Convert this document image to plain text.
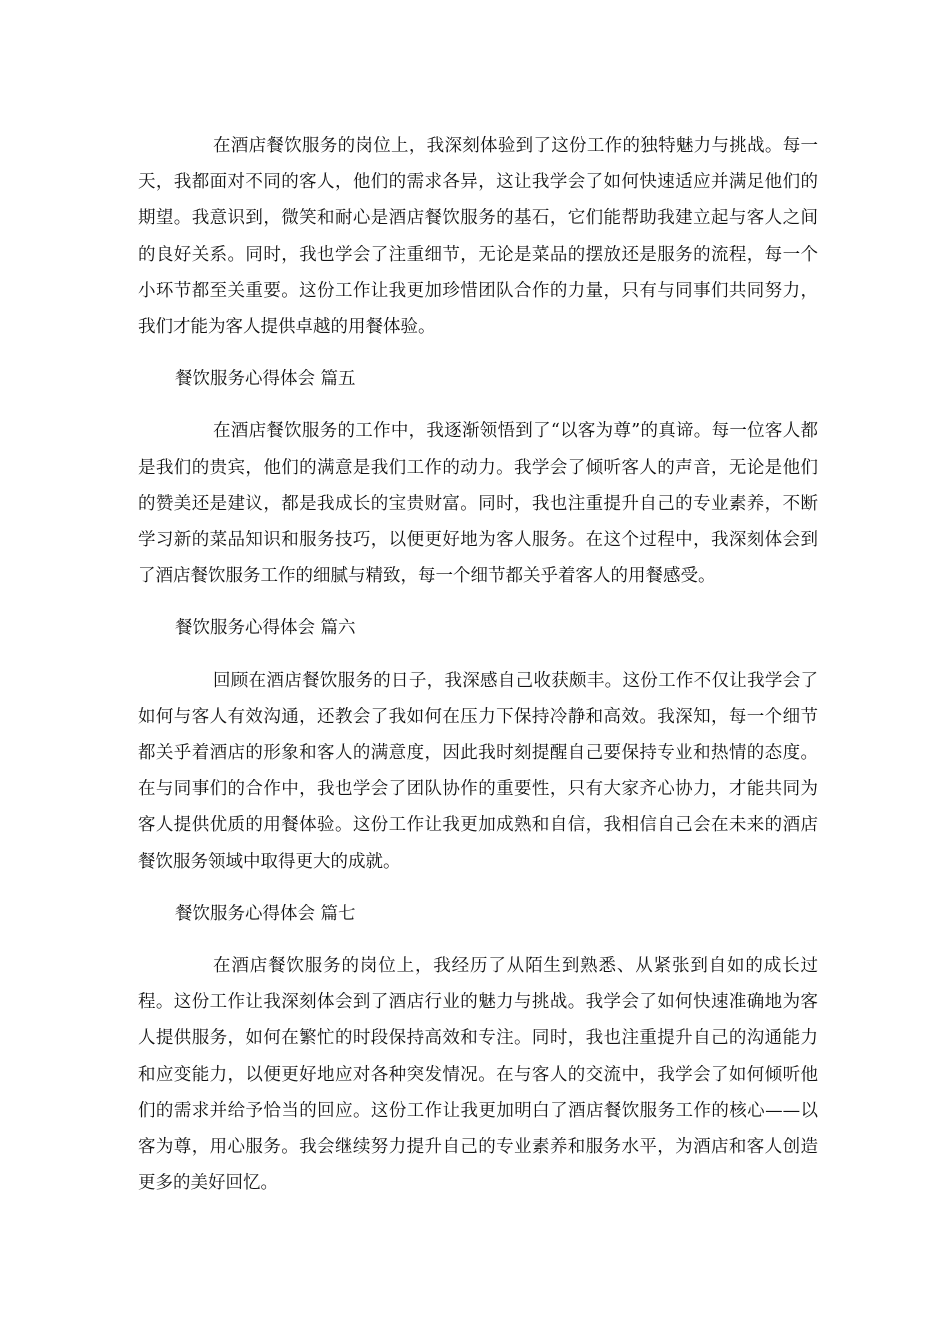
在酒店餐饮服务的岗位上，我深刻体验到了这份工作的独特魅力与挑战。每一天，我都面对不同的客人，他们的需求各异，这让我学会了如何快速适应并满足他们的期望。我意识到，微笑和耐心是酒店餐饮服务的基石，它们能帮助我建立起与客人之间的良好关系。同时，我也学会了注重细节，无论是菜品的摆放还是服务的流程，每一个小环节都至关重要。这份工作让我更加珍惜团队合作的力量，只有与同事们共同努力，我们才能为客人提供卓越的用餐体验。

餐饮服务心得体会 篇五

在酒店餐饮服务的工作中，我逐渐领悟到了“以客为尊”的真谛。每一位客人都是我们的贵宾，他们的满意是我们工作的动力。我学会了倾听客人的声音，无论是他们的赞美还是建议，都是我成长的宝贵财富。同时，我也注重提升自己的专业素养，不断学习新的菜品知识和服务技巧，以便更好地为客人服务。在这个过程中，我深刻体会到了酒店餐饮服务工作的细腻与精致，每一个细节都关乎着客人的用餐感受。

餐饮服务心得体会 篇六

回顾在酒店餐饮服务的日子，我深感自己收获颇丰。这份工作不仅让我学会了如何与客人有效沟通，还教会了我如何在压力下保持冷静和高效。我深知，每一个细节都关乎着酒店的形象和客人的满意度，因此我时刻提醒自己要保持专业和热情的态度。在与同事们的合作中，我也学会了团队协作的重要性，只有大家齐心协力，才能共同为客人提供优质的用餐体验。这份工作让我更加成熟和自信，我相信自己会在未来的酒店餐饮服务领域中取得更大的成就。

餐饮服务心得体会 篇七

在酒店餐饮服务的岗位上，我经历了从陌生到熟悉、从紧张到自如的成长过程。这份工作让我深刻体会到了酒店行业的魅力与挑战。我学会了如何快速准确地为客人提供服务，如何在繁忙的时段保持高效和专注。同时，我也注重提升自己的沟通能力和应变能力，以便更好地应对各种突发情况。在与客人的交流中，我学会了如何倾听他们的需求并给予恰当的回应。这份工作让我更加明白了酒店餐饮服务工作的核心——以客为尊，用心服务。我会继续努力提升自己的专业素养和服务水平，为酒店和客人创造更多的美好回忆。
